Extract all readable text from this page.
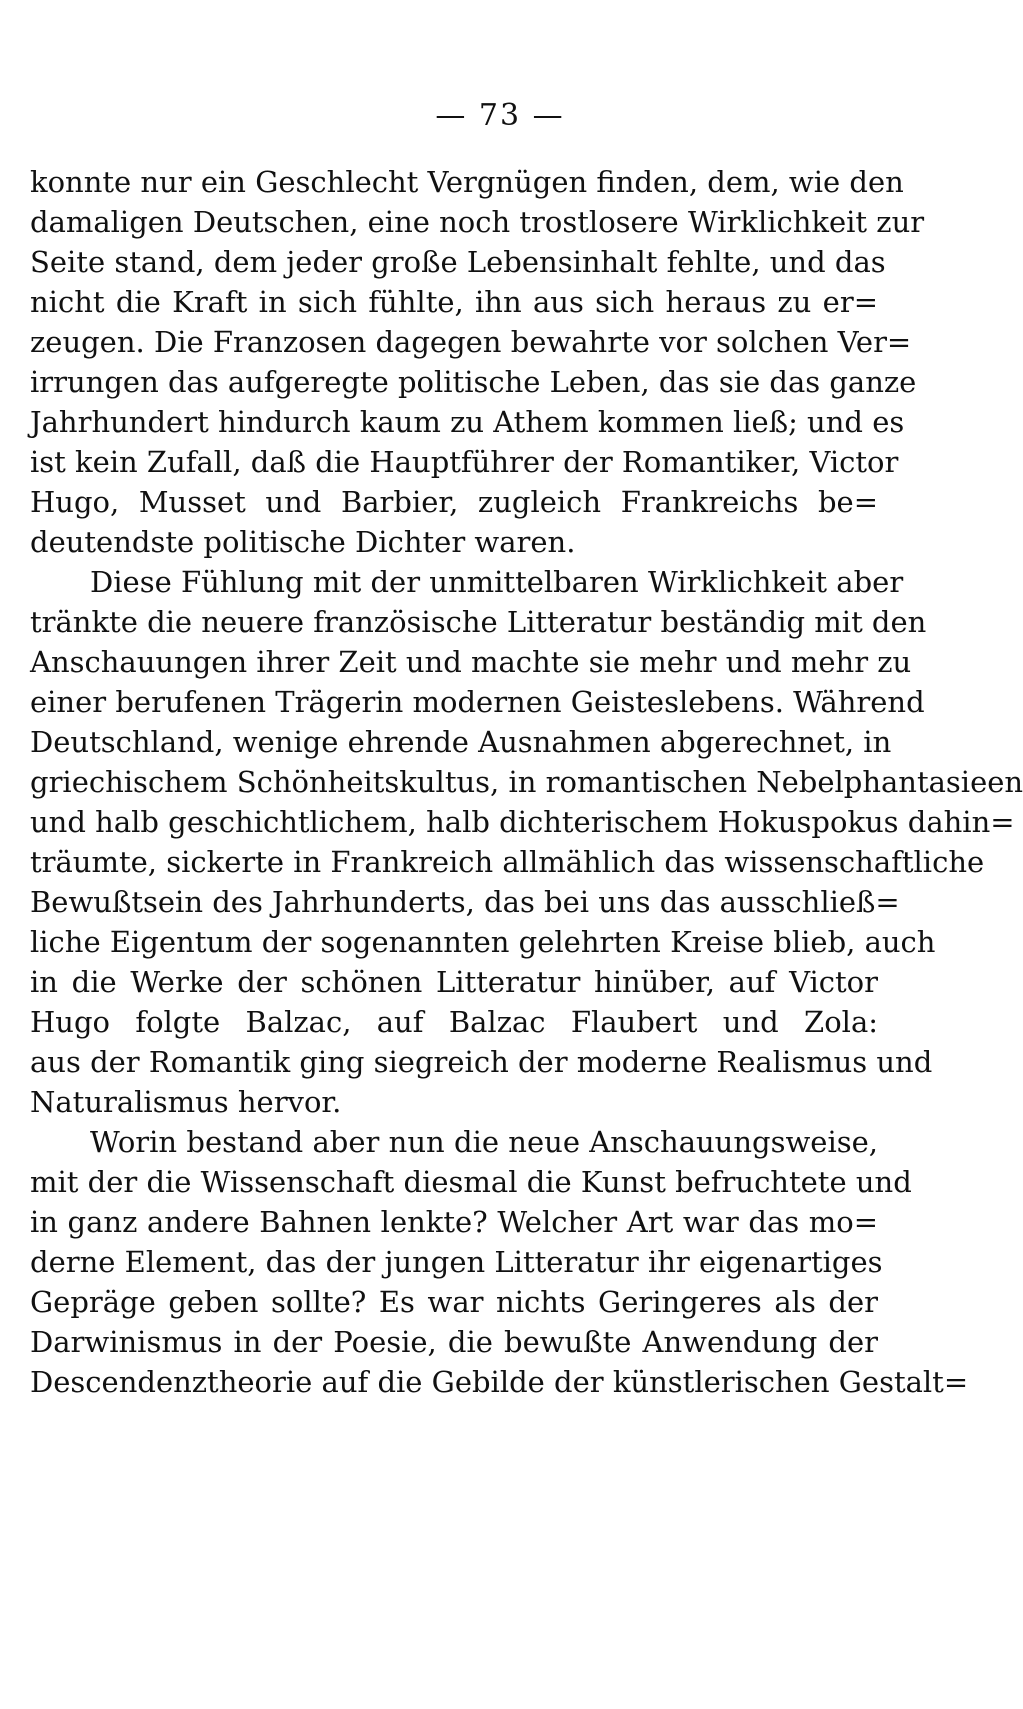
— 73 —
konnte nur ein Geschlecht Vergnügen finden, dem, wie den
damaligen Deutschen, eine noch trostlosere Wirklichkeit zur
Seite stand, dem jeder große Lebensinhalt fehlte, und das
nicht die Kraft in sich fühlte, ihn aus sich heraus zu er=
zeugen. Die Franzosen dagegen bewahrte vor solchen Ver=
irrungen das aufgeregte politische Leben, das sie das ganze
Jahrhundert hindurch kaum zu Athem kommen ließ; und es
ist kein Zufall, daß die Hauptführer der Romantiker, Victor
Hugo, Musset und Barbier, zugleich Frankreichs be=
deutendste politische Dichter waren.
Diese Fühlung mit der unmittelbaren Wirklichkeit aber
tränkte die neuere französische Litteratur beständig mit den
Anschauungen ihrer Zeit und machte sie mehr und mehr zu
einer berufenen Trägerin modernen Geisteslebens. Während
Deutschland, wenige ehrende Ausnahmen abgerechnet, in
griechischem Schönheitskultus, in romantischen Nebelphantasieen
und halb geschichtlichem, halb dichterischem Hokuspokus dahin=
träumte, sickerte in Frankreich allmählich das wissenschaftliche
Bewußtsein des Jahrhunderts, das bei uns das ausschließ=
liche Eigentum der sogenannten gelehrten Kreise blieb, auch
in die Werke der schönen Litteratur hinüber, auf Victor
Hugo folgte Balzac, auf Balzac Flaubert und Zola:
aus der Romantik ging siegreich der moderne Realismus und
Naturalismus hervor.
Worin bestand aber nun die neue Anschauungsweise,
mit der die Wissenschaft diesmal die Kunst befruchtete und
in ganz andere Bahnen lenkte? Welcher Art war das mo=
derne Element, das der jungen Litteratur ihr eigenartiges
Gepräge geben sollte? Es war nichts Geringeres als der
Darwinismus in der Poesie, die bewußte Anwendung der
Descendenztheorie auf die Gebilde der künstlerischen Gestalt=
